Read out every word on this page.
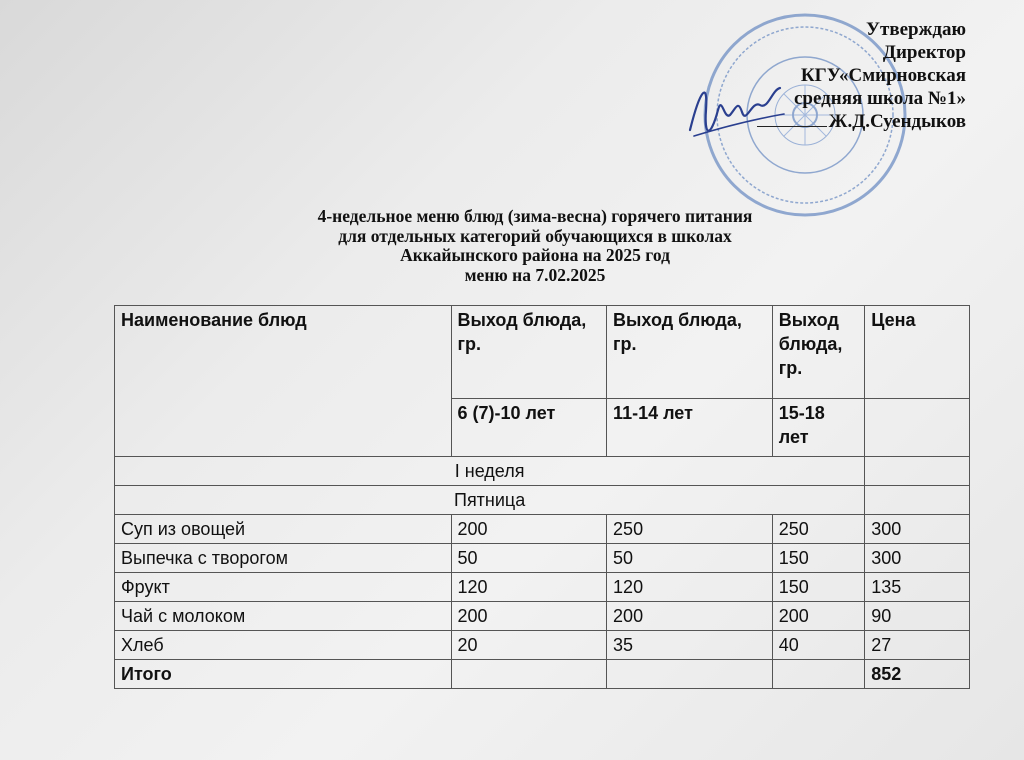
Утверждаю
Директор
КГУ«Смирновская
средняя школа №1»
Ж.Д.Суендыков
4-недельное меню блюд (зима-весна) горячего питания
для отдельных категорий обучающихся в школах
Аккайынского района на 2025 год
меню на 7.02.2025
Наименование блюд	Выход блюда, гр.	Выход блюда, гр.	Выход блюда, гр.	Цена
	6 (7)-10 лет	11-14 лет	15-18 лет	
I неделя				
Пятница				
Суп из овощей	200	250	250	300
Выпечка с творогом	50	50	150	300
Фрукт	120	120	150	135
Чай с молоком	200	200	200	90
Хлеб	20	35	40	27
Итого				852
